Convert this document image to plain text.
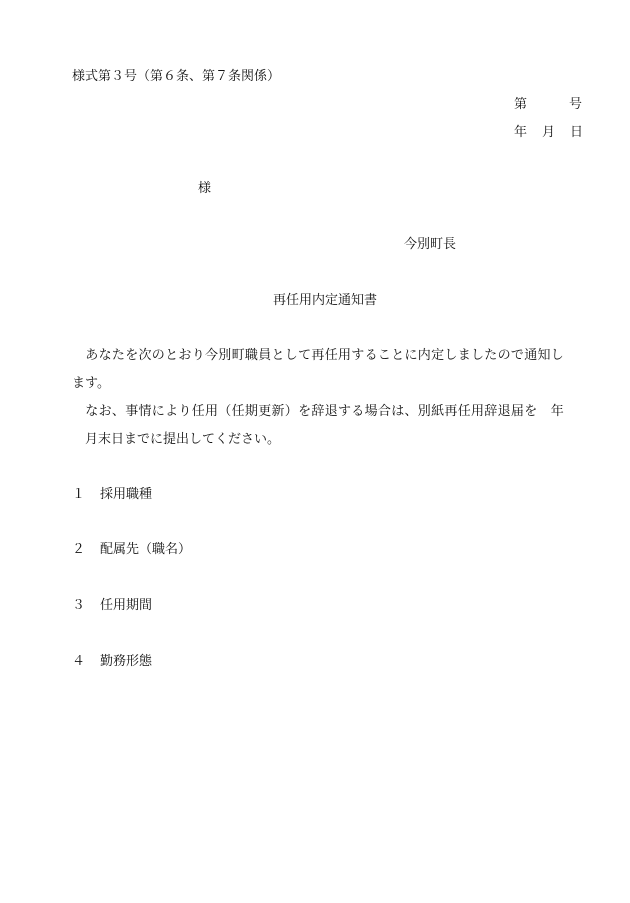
様式第３号（第６条、第７条関係）
第	号
年 月 日
様
今別町長
再任用内定通知書
　あなたを次のとおり今別町職員として再任用することに内定しましたので通知し
ます。
　なお、事情により任用（任期更新）を辞退する場合は、別紙再任用辞退届を　年
　月末日までに提出してください。
１ 採用職種
２ 配属先（職名）
３ 任用期間
４ 勤務形態
